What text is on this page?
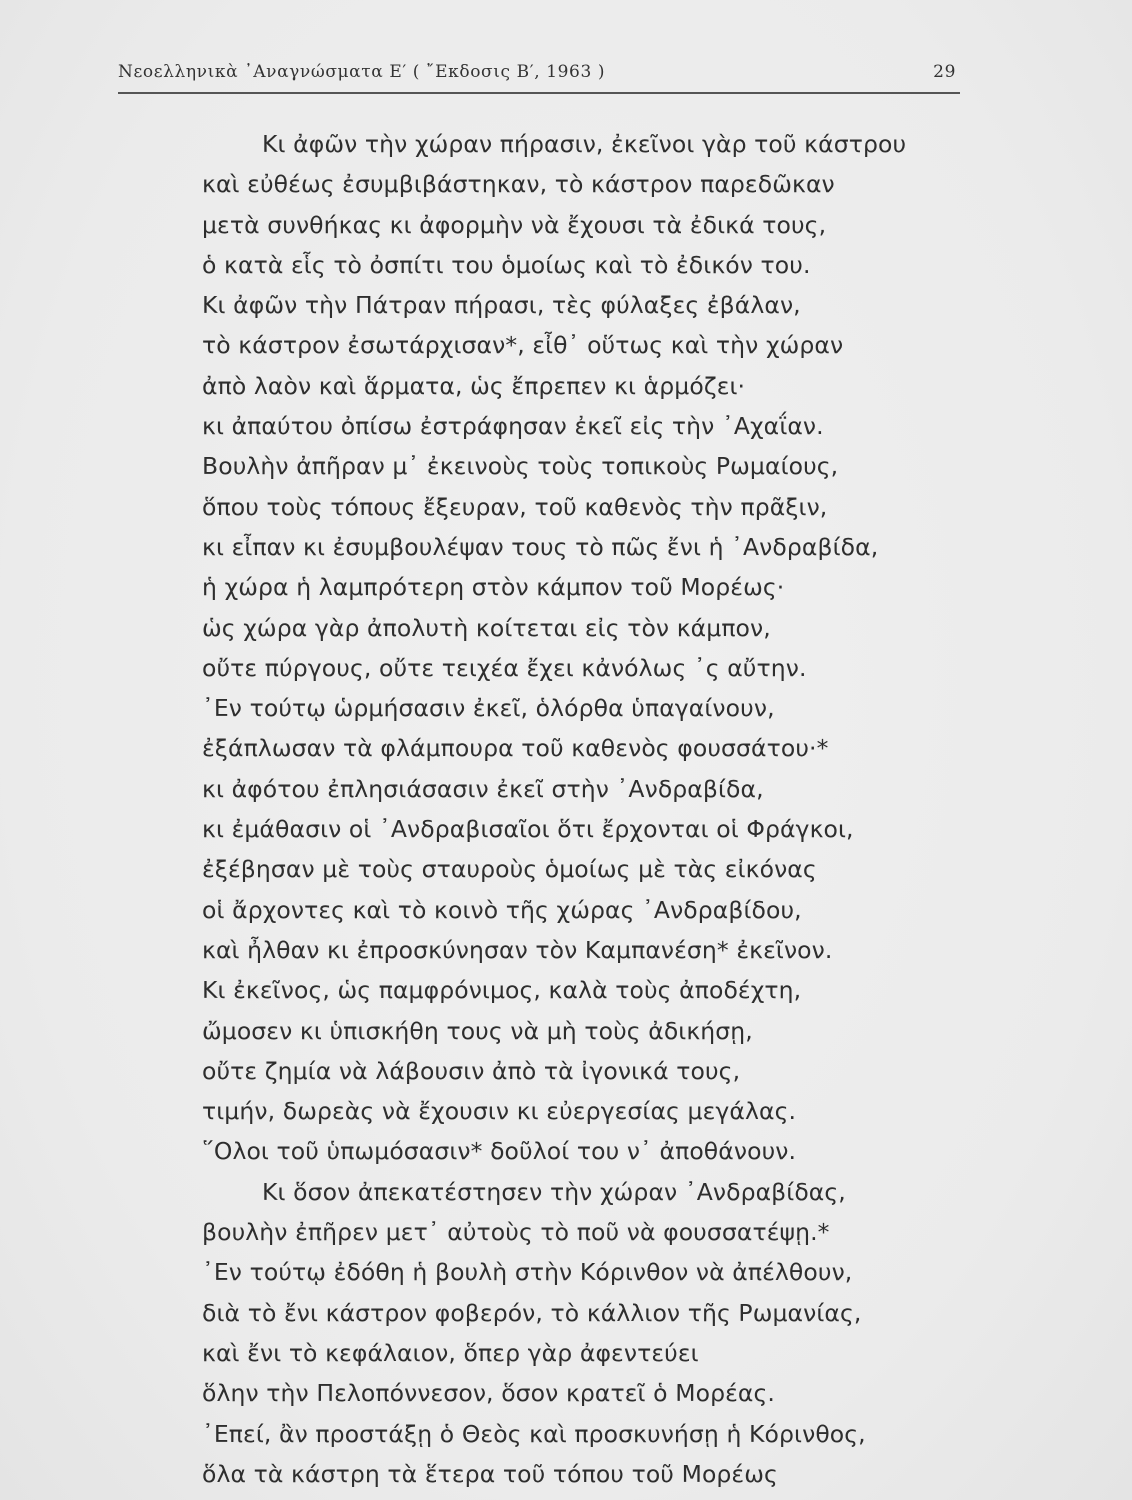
Νεοελληνικὰ ᾿Αναγνώσματα Ε′ ( ῎Εκδοσις Β′, 1963 )	29
Κι ἀφῶν τὴν χώραν πήρασιν, ἐκεῖνοι γὰρ τοῦ κάστρου
καὶ εὐθέως ἐσυμβιβάστηκαν, τὸ κάστρον παρεδῶκαν
μετὰ συνθήκας κι ἀφορμὴν νὰ ἔχουσι τὰ ἐδικά τους,
ὁ κατὰ εἷς τὸ ὀσπίτι του ὁμοίως καὶ τὸ ἐδικόν του.
Κι ἀφῶν τὴν Πάτραν πήρασι, τὲς φύλαξες ἐβάλαν,
τὸ κάστρον ἐσωτάρχισαν*, εἶθ᾽ οὕτως καὶ τὴν χώραν
ἀπὸ λαὸν καὶ ἅρματα, ὡς ἔπρεπεν κι ἁρμόζει·
κι ἀπαύτου ὀπίσω ἐστράφησαν ἐκεῖ εἰς τὴν ᾿Αχαΐαν.
Βουλὴν ἀπῆραν μ᾽ ἐκεινοὺς τοὺς τοπικοὺς Ρωμαίους,
ὅπου τοὺς τόπους ἔξευραν, τοῦ καθενὸς τὴν πρᾶξιν,
κι εἶπαν κι ἐσυμβουλέψαν τους τὸ πῶς ἔνι ἡ ᾿Ανδραβίδα,
ἡ χώρα ἡ λαμπρότερη στὸν κάμπον τοῦ Μορέως·
ὡς χώρα γὰρ ἀπολυτὴ κοίτεται εἰς τὸν κάμπον,
οὔτε πύργους, οὔτε τειχέα ἔχει κἀνόλως ᾽ς αὔτην.
᾿Εν τούτῳ ὡρμήσασιν ἐκεῖ, ὁλόρθα ὑπαγαίνουν,
ἐξάπλωσαν τὰ φλάμπουρα τοῦ καθενὸς φουσσάτου·*
κι ἀφότου ἐπλησιάσασιν ἐκεῖ στὴν ᾿Ανδραβίδα,
κι ἐμάθασιν οἱ ᾿Ανδραβισαῖοι ὅτι ἔρχονται οἱ Φράγκοι,
ἐξέβησαν μὲ τοὺς σταυροὺς ὁμοίως μὲ τὰς εἰκόνας
οἱ ἄρχοντες καὶ τὸ κοινὸ τῆς χώρας ᾿Ανδραβίδου,
καὶ ἦλθαν κι ἐπροσκύνησαν τὸν Καμπανέση* ἐκεῖνον.
Κι ἐκεῖνος, ὡς παμφρόνιμος, καλὰ τοὺς ἀποδέχτη,
ὤμοσεν κι ὑπισκήθη τους νὰ μὴ τοὺς ἀδικήσῃ,
οὔτε ζημία νὰ λάβουσιν ἀπὸ τὰ ἰγονικά τους,
τιμήν, δωρεὰς νὰ ἔχουσιν κι εὐεργεσίας μεγάλας.
῞Ολοι τοῦ ὑπωμόσασιν* δοῦλοί του ν᾽ ἀποθάνουν.
Κι ὅσον ἀπεκατέστησεν τὴν χώραν ᾿Ανδραβίδας,
βουλὴν ἐπῆρεν μετ᾽ αὐτοὺς τὸ ποῦ νὰ φουσσατέψῃ.*
᾿Εν τούτῳ ἐδόθη ἡ βουλὴ στὴν Κόρινθον νὰ ἀπέλθουν,
διὰ τὸ ἔνι κάστρον φοβερόν, τὸ κάλλιον τῆς Ρωμανίας,
καὶ ἔνι τὸ κεφάλαιον, ὅπερ γὰρ ἀφεντεύει
ὅλην τὴν Πελοπόννεσον, ὅσον κρατεῖ ὁ Μορέας.
᾿Επεί, ἂν προστάξῃ ὁ Θεὸς καὶ προσκυνήσῃ ἡ Κόρινθος,
ὅλα τὰ κάστρη τὰ ἕτερα τοῦ τόπου τοῦ Μορέως
